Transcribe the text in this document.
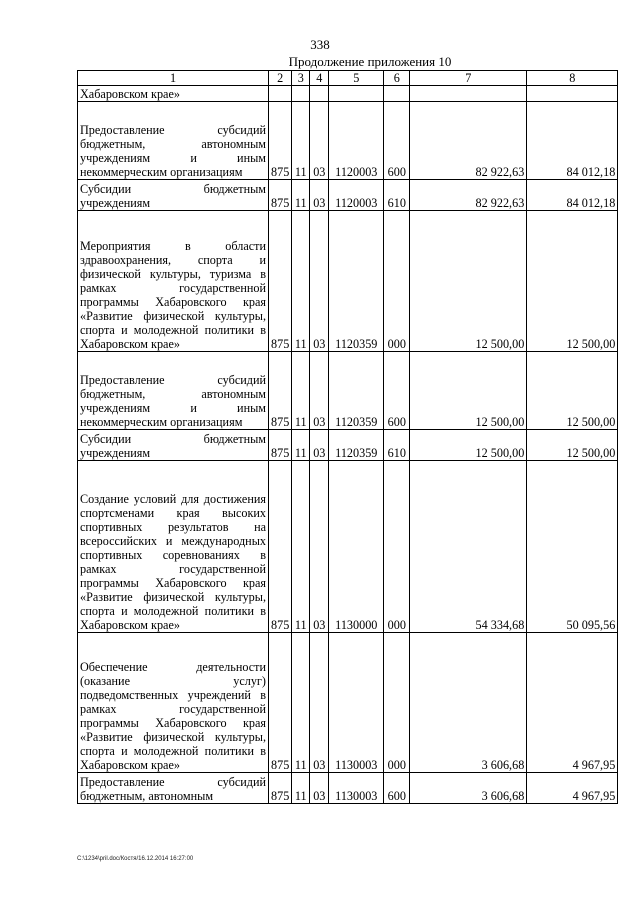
338
Продолжение приложения 10
1	2	3	4	5	6	7	8
Хабаровском крае»							
Предоставление субсидий бюджетным, автономным учреждениям и иным некоммерческим организациям	875	11	03	1120003	600	82 922,63	84 012,18
Субсидии бюджетным учреждениям	875	11	03	1120003	610	82 922,63	84 012,18
Мероприятия в области здравоохранения, спорта и физической культуры, туризма в рамках государственной программы Хабаровского края «Развитие физической культуры, спорта и молодежной политики в Хабаровском крае»	875	11	03	1120359	000	12 500,00	12 500,00
Предоставление субсидий бюджетным, автономным учреждениям и иным некоммерческим организациям	875	11	03	1120359	600	12 500,00	12 500,00
Субсидии бюджетным учреждениям	875	11	03	1120359	610	12 500,00	12 500,00
Создание условий для достижения спортсменами края высоких спортивных результатов на всероссийских и международных спортивных соревнованиях в рамках государственной программы Хабаровского края «Развитие физической культуры, спорта и молодежной политики в Хабаровском крае»	875	11	03	1130000	000	54 334,68	50 095,56
Обеспечение деятельности (оказание услуг) подведомственных учреждений в рамках государственной программы Хабаровского края «Развитие физической культуры, спорта и молодежной политики в Хабаровском крае»	875	11	03	1130003	000	3 606,68	4 967,95
Предоставление субсидий бюджетным, автономным	875	11	03	1130003	600	3 606,68	4 967,95
C:\1234\pril.doc/Костя/16.12.2014 16:27:00
